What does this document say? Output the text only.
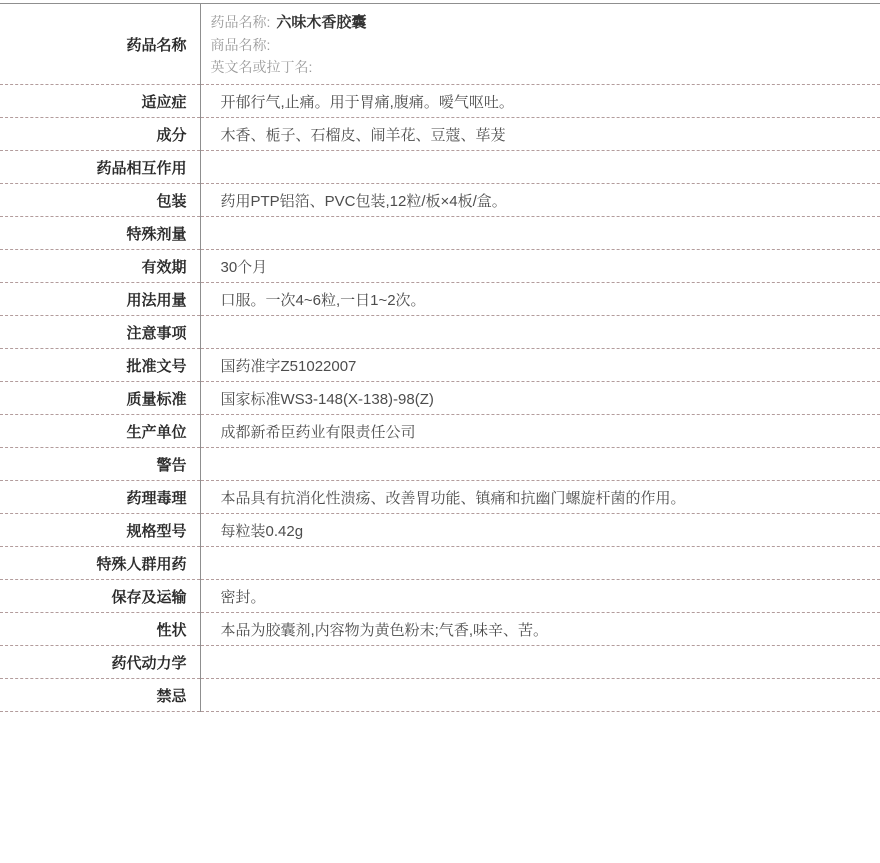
药品名称	药品名称: 六味木香胶囊
商品名称:
英文名或拉丁名:

适应症	开郁行气,止痛。用于胃痛,腹痛。嗳气呕吐。
成分	木香、栀子、石榴皮、闹羊花、豆蔻、荜茇
药品相互作用	
包装	药用PTP铝箔、PVC包装,12粒/板×4板/盒。
特殊剂量	
有效期	30个月
用法用量	口服。一次4~6粒,一日1~2次。
注意事项	
批准文号	国药准字Z51022007
质量标准	国家标准WS3-148(X-138)-98(Z)
生产单位	成都新希臣药业有限责任公司
警告	
药理毒理	本品具有抗消化性溃疡、改善胃功能、镇痛和抗幽门螺旋杆菌的作用。
规格型号	每粒装0.42g
特殊人群用药	
保存及运输	密封。
性状	本品为胶囊剂,内容物为黄色粉末;气香,味辛、苦。
药代动力学	
禁忌	
